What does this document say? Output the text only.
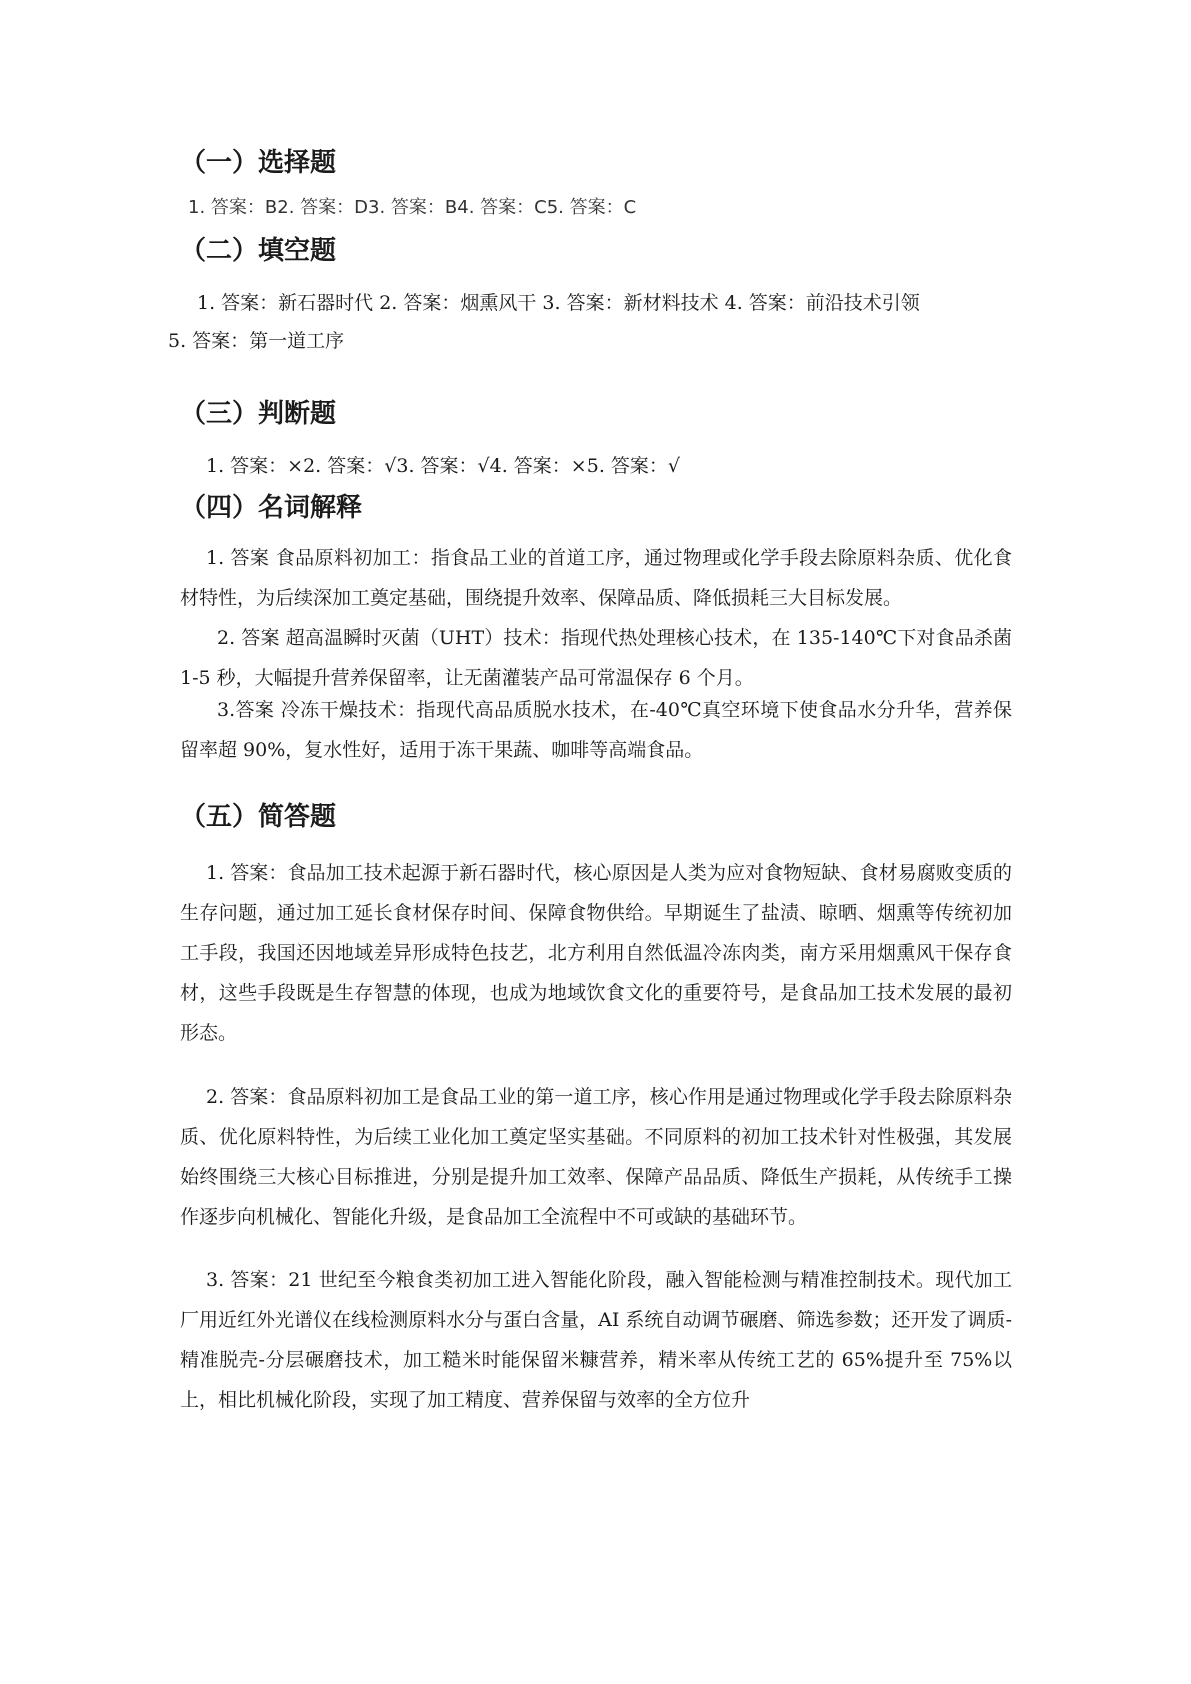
（一）选择题

1. 答案：B2. 答案：D3. 答案：B4. 答案：C5. 答案：C

（二）填空题

1. 答案：新石器时代 2. 答案：烟熏风干 3. 答案：新材料技术 4. 答案：前沿技术引领

5. 答案：第一道工序

（三）判断题

1. 答案：×2. 答案：√3. 答案：√4. 答案：×5. 答案：√

（四）名词解释

1. 答案 食品原料初加工：指食品工业的首道工序，通过物理或化学手段去除原料杂质、优化食材特性，为后续深加工奠定基础，围绕提升效率、保障品质、降低损耗三大目标发展。

2. 答案 超高温瞬时灭菌（UHT）技术：指现代热处理核心技术，在 135-140℃下对食品杀菌 1-5 秒，大幅提升营养保留率，让无菌灌装产品可常温保存 6 个月。

3.答案 冷冻干燥技术：指现代高品质脱水技术，在-40℃真空环境下使食品水分升华，营养保留率超 90%，复水性好，适用于冻干果蔬、咖啡等高端食品。

（五）简答题

1. 答案：食品加工技术起源于新石器时代，核心原因是人类为应对食物短缺、食材易腐败变质的生存问题，通过加工延长食材保存时间、保障食物供给。早期诞生了盐渍、晾晒、烟熏等传统初加工手段，我国还因地域差异形成特色技艺，北方利用自然低温冷冻肉类，南方采用烟熏风干保存食材，这些手段既是生存智慧的体现，也成为地域饮食文化的重要符号，是食品加工技术发展的最初形态。

2. 答案：食品原料初加工是食品工业的第一道工序，核心作用是通过物理或化学手段去除原料杂质、优化原料特性，为后续工业化加工奠定坚实基础。不同原料的初加工技术针对性极强，其发展始终围绕三大核心目标推进，分别是提升加工效率、保障产品品质、降低生产损耗，从传统手工操作逐步向机械化、智能化升级，是食品加工全流程中不可或缺的基础环节。

3. 答案：21 世纪至今粮食类初加工进入智能化阶段，融入智能检测与精准控制技术。现代加工厂用近红外光谱仪在线检测原料水分与蛋白含量，AI 系统自动调节碾磨、筛选参数；还开发了调质-精准脱壳-分层碾磨技术，加工糙米时能保留米糠营养，精米率从传统工艺的 65%提升至 75%以上，相比机械化阶段，实现了加工精度、营养保留与效率的全方位升
